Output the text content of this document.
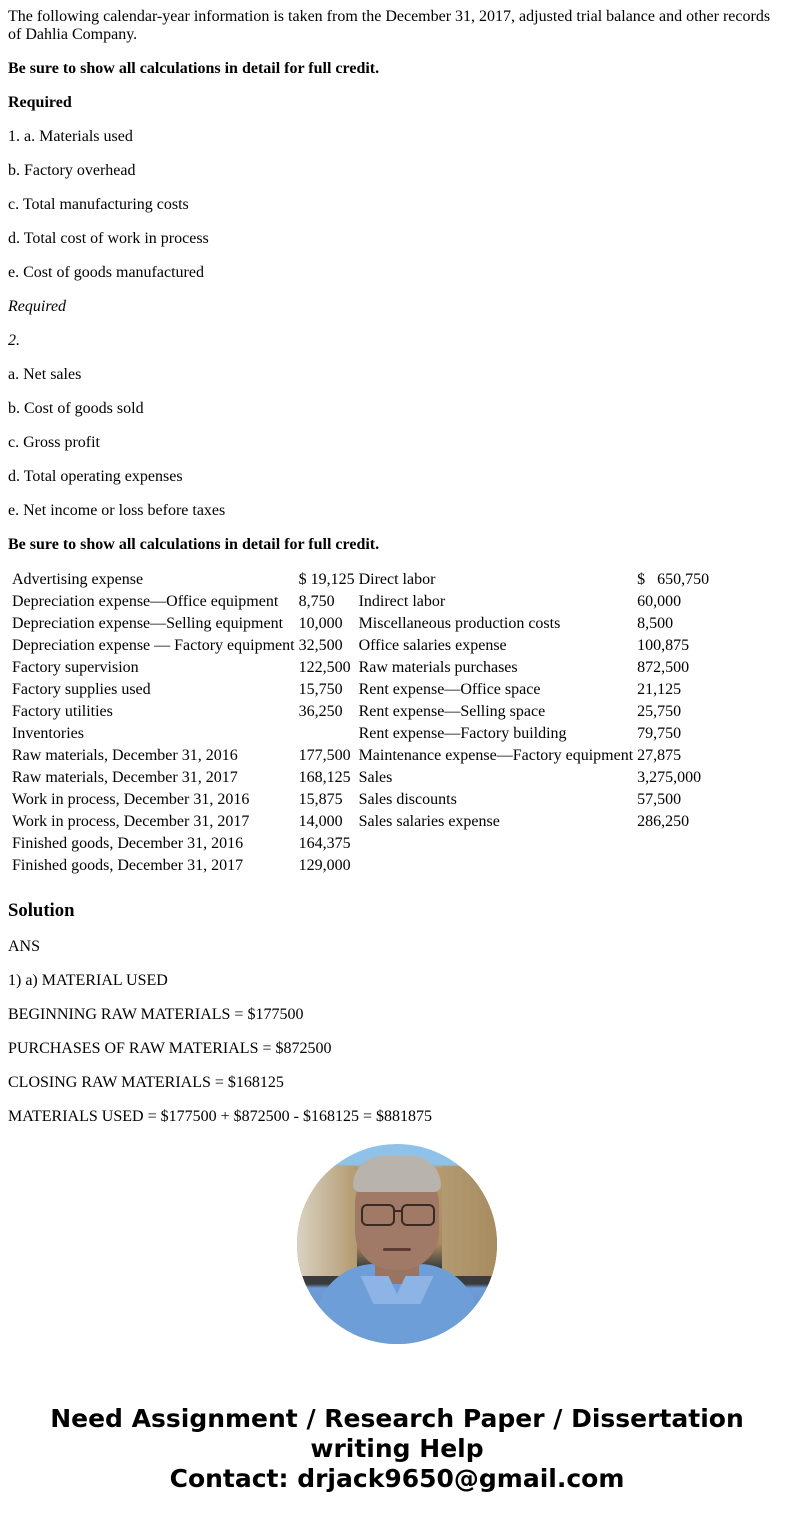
The following calendar-year information is taken from the December 31, 2017, adjusted trial balance and other records of Dahlia Company.

Be sure to show all calculations in detail for full credit.

Required

1. a. Materials used

b. Factory overhead

c. Total manufacturing costs

d. Total cost of work in process

e. Cost of goods manufactured

Required

2.

a. Net sales

b. Cost of goods sold

c. Gross profit

d. Total operating expenses

e. Net income or loss before taxes

Be sure to show all calculations in detail for full credit.

Advertising expense	$ 19,125	Direct labor	$   650,750
Depreciation expense—Office equipment	8,750	Indirect labor	60,000
Depreciation expense—Selling equipment	10,000	Miscellaneous production costs	8,500
Depreciation expense — Factory equipment	32,500	Office salaries expense	100,875
Factory supervision	122,500	Raw materials purchases	872,500
Factory supplies used	15,750	Rent expense—Office space	21,125
Factory utilities	36,250	Rent expense—Selling space	25,750
Inventories		Rent expense—Factory building	79,750
Raw materials, December 31, 2016	177,500	Maintenance expense—Factory equipment	27,875
Raw materials, December 31, 2017	168,125	Sales	3,275,000
Work in process, December 31, 2016	15,875	Sales discounts	57,500
Work in process, December 31, 2017	14,000	Sales salaries expense	286,250
Finished goods, December 31, 2016	164,375		
Finished goods, December 31, 2017	129,000		
Solution

ANS

1) a) MATERIAL USED

BEGINNING RAW MATERIALS = $177500

PURCHASES OF RAW MATERIALS = $872500

CLOSING RAW MATERIALS = $168125

MATERIALS USED = $177500 + $872500 - $168125 = $881875

Need Assignment / Research Paper / Dissertation
writing Help
Contact: drjack9650@gmail.com
